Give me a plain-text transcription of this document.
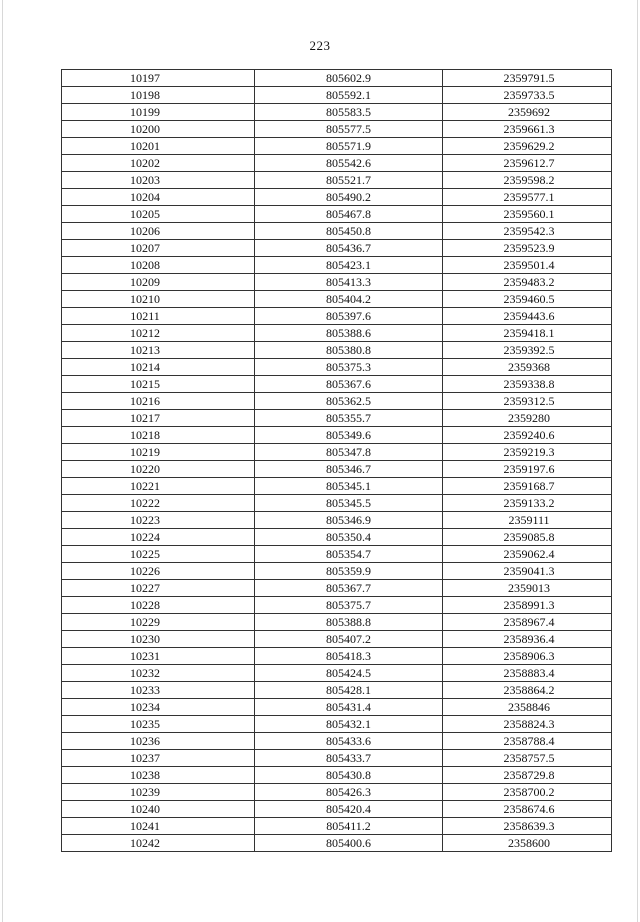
223
10197	805602.9	2359791.5
10198	805592.1	2359733.5
10199	805583.5	2359692
10200	805577.5	2359661.3
10201	805571.9	2359629.2
10202	805542.6	2359612.7
10203	805521.7	2359598.2
10204	805490.2	2359577.1
10205	805467.8	2359560.1
10206	805450.8	2359542.3
10207	805436.7	2359523.9
10208	805423.1	2359501.4
10209	805413.3	2359483.2
10210	805404.2	2359460.5
10211	805397.6	2359443.6
10212	805388.6	2359418.1
10213	805380.8	2359392.5
10214	805375.3	2359368
10215	805367.6	2359338.8
10216	805362.5	2359312.5
10217	805355.7	2359280
10218	805349.6	2359240.6
10219	805347.8	2359219.3
10220	805346.7	2359197.6
10221	805345.1	2359168.7
10222	805345.5	2359133.2
10223	805346.9	2359111
10224	805350.4	2359085.8
10225	805354.7	2359062.4
10226	805359.9	2359041.3
10227	805367.7	2359013
10228	805375.7	2358991.3
10229	805388.8	2358967.4
10230	805407.2	2358936.4
10231	805418.3	2358906.3
10232	805424.5	2358883.4
10233	805428.1	2358864.2
10234	805431.4	2358846
10235	805432.1	2358824.3
10236	805433.6	2358788.4
10237	805433.7	2358757.5
10238	805430.8	2358729.8
10239	805426.3	2358700.2
10240	805420.4	2358674.6
10241	805411.2	2358639.3
10242	805400.6	2358600
